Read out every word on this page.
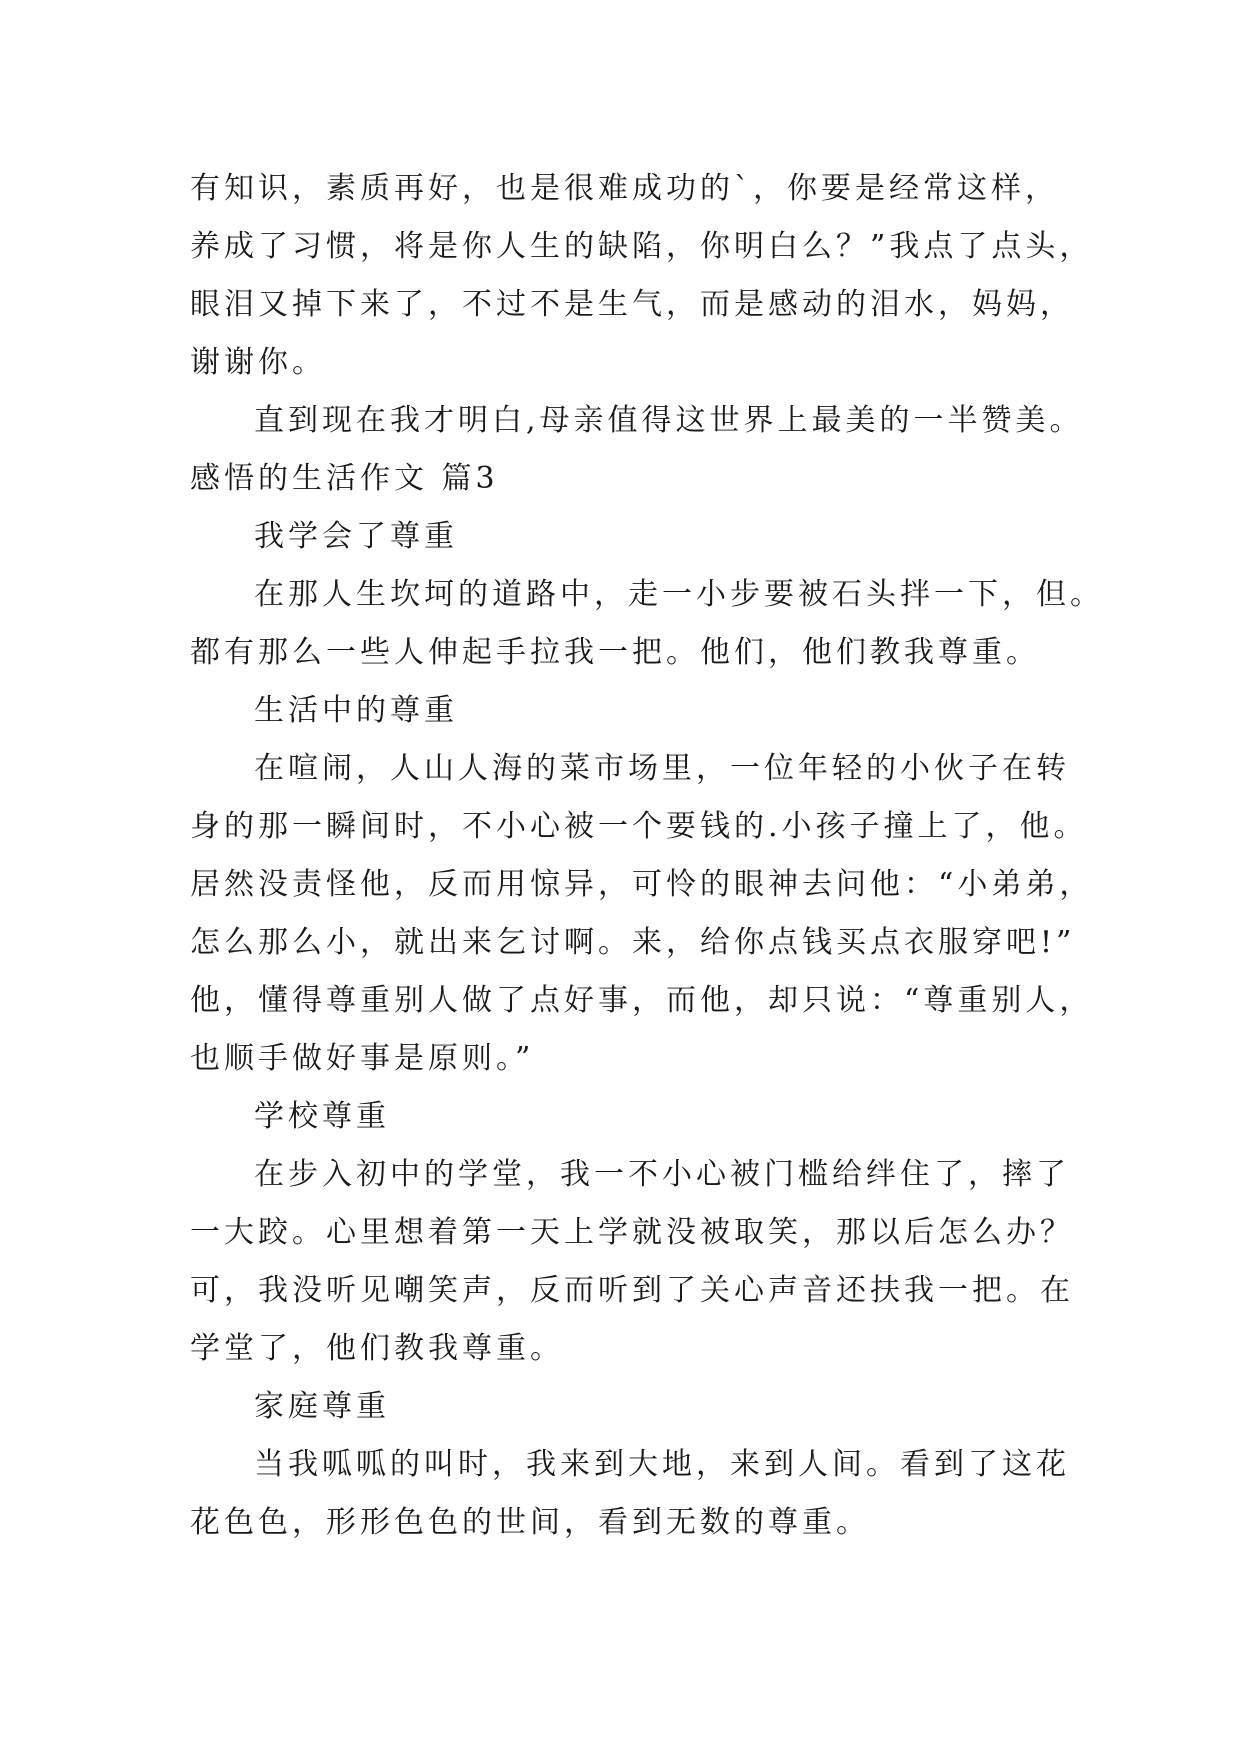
有知识，素质再好，也是很难成功的`，你要是经常这样，
养成了习惯，将是你人生的缺陷，你明白么？”我点了点头，
眼泪又掉下来了，不过不是生气，而是感动的泪水，妈妈，
谢谢你。
直到现在我才明白,母亲值得这世界上最美的一半赞美。
感悟的生活作文 篇3
我学会了尊重
在那人生坎坷的道路中，走一小步要被石头拌一下，但。
都有那么一些人伸起手拉我一把。他们，他们教我尊重。
生活中的尊重
在喧闹，人山人海的菜市场里，一位年轻的小伙子在转
身的那一瞬间时，不小心被一个要钱的.小孩子撞上了，他。
居然没责怪他，反而用惊异，可怜的眼神去问他：“小弟弟，
怎么那么小，就出来乞讨啊。来，给你点钱买点衣服穿吧!”
他，懂得尊重别人做了点好事，而他，却只说：“尊重别人，
也顺手做好事是原则。”
学校尊重
在步入初中的学堂，我一不小心被门槛给绊住了，摔了
一大跤。心里想着第一天上学就没被取笑，那以后怎么办？
可，我没听见嘲笑声，反而听到了关心声音还扶我一把。在
学堂了，他们教我尊重。
家庭尊重
当我呱呱的叫时，我来到大地，来到人间。看到了这花
花色色，形形色色的世间，看到无数的尊重。
